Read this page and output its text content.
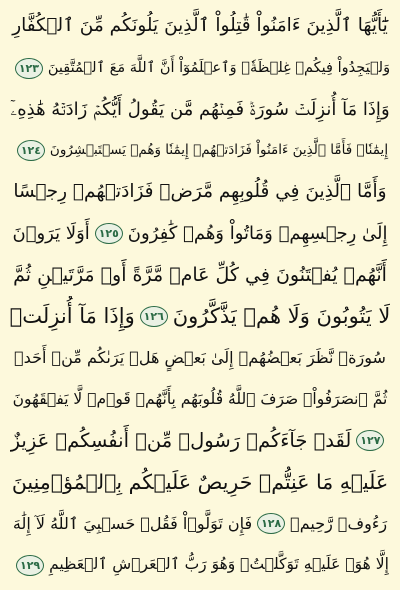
يَٰٓأَيُّهَا ٱلَّذِينَ ءَامَنُواْ قَٰتِلُواْ ٱلَّذِينَ يَلُونَكُم مِّنَ ٱلۡكُفَّارِ
وَلۡيَجِدُواْ فِيكُمۡ غِلۡظَةٗۚ وَٱعۡلَمُوٓاْ أَنَّ ٱللَّهَ مَعَ ٱلۡمُتَّقِينَ
١٢٣
وَإِذَا مَآ أُنزِلَتۡ سُورَةٞ فَمِنۡهُم مَّن يَقُولُ أَيُّكُمۡ زَادَتۡهُ هَٰذِهِۦٓ
إِيمَٰنٗاۚ فَأَمَّا ٱلَّذِينَ ءَامَنُواْ فَزَادَتۡهُمۡ إِيمَٰنٗا وَهُمۡ يَسۡتَبۡشِرُونَ
١٢٤
وَأَمَّا ٱلَّذِينَ فِي قُلُوبِهِم مَّرَضٞ فَزَادَتۡهُمۡ رِجۡسًا
إِلَىٰ رِجۡسِهِمۡ وَمَاتُواْ وَهُمۡ كَٰفِرُونَ
١٢٥
أَوَلَا يَرَوۡنَ
أَنَّهُمۡ يُفۡتَنُونَ فِي كُلِّ عَامٖ مَّرَّةً أَوۡ مَرَّتَيۡنِ ثُمَّ
لَا يَتُوبُونَ وَلَا هُمۡ يَذَّكَّرُونَ
١٢٦
وَإِذَا مَآ أُنزِلَتۡ
سُورَةٞ نَّظَرَ بَعۡضُهُمۡ إِلَىٰ بَعۡضٍ هَلۡ يَرَىٰكُم مِّنۡ أَحَدٖ
ثُمَّ ٱنصَرَفُواْۚ صَرَفَ ٱللَّهُ قُلُوبَهُم بِأَنَّهُمۡ قَوۡمٞ لَّا يَفۡقَهُونَ
١٢٧
لَقَدۡ جَآءَكُمۡ رَسُولٞ مِّنۡ أَنفُسِكُمۡ عَزِيزٌ
عَلَيۡهِ مَا عَنِتُّمۡ حَرِيصٌ عَلَيۡكُم بِٱلۡمُؤۡمِنِينَ
رَءُوفٞ رَّحِيمٞ
١٢٨
فَإِن تَوَلَّوۡاْ فَقُلۡ حَسۡبِيَ ٱللَّهُ لَآ إِلَٰهَ
إِلَّا هُوَۖ عَلَيۡهِ تَوَكَّلۡتُۖ وَهُوَ رَبُّ ٱلۡعَرۡشِ ٱلۡعَظِيمِ
١٢٩
